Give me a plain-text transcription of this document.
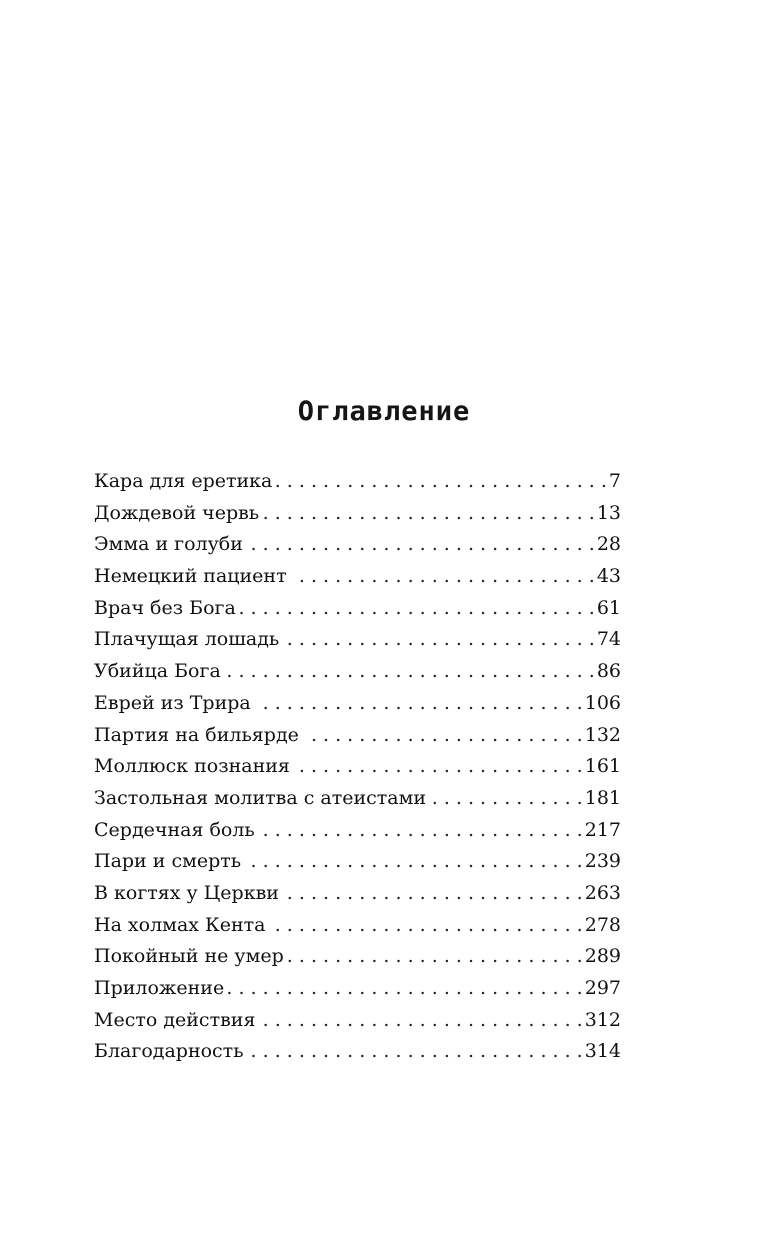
Оглавление
Кара для еретика . . .	7
Дождевой червь . . .	13
Эмма и голуби . . .	28
Немецкий пациент . . .	43
Врач без Бога . . .	61
Плачущая лошадь . . .	74
Убийца Бога . . .	86
Еврей из Трира . . .	106
Партия на бильярде . . .	132
Моллюск познания . . .	161
Застольная молитва с атеистами . . .	181
Сердечная боль . . .	217
Пари и смерть . . .	239
В когтях у Церкви . . .	263
На холмах Кента . . .	278
Покойный не умер . . .	289
Приложение . . .	297
Место действия . . .	312
Благодарность . . .	314
